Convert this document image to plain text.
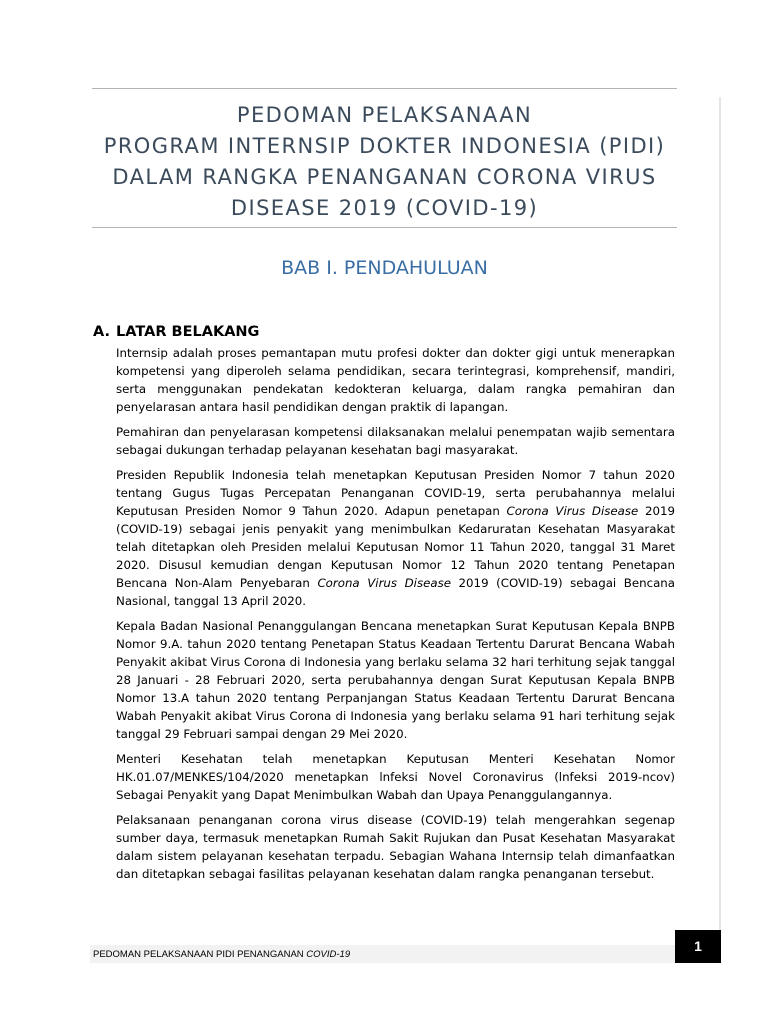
PEDOMAN PELAKSANAAN
PROGRAM INTERNSIP DOKTER INDONESIA (PIDI)
DALAM RANGKA PENANGANAN CORONA VIRUS
DISEASE 2019 (COVID-19)
BAB I. PENDAHULUAN
A. LATAR BELAKANG

Internsip adalah proses pemantapan mutu profesi dokter dan dokter gigi untuk menerapkan kompetensi yang diperoleh selama pendidikan, secara terintegrasi, komprehensif, mandiri, serta menggunakan pendekatan kedokteran keluarga, dalam rangka pemahiran dan penyelarasan antara hasil pendidikan dengan praktik di lapangan.

Pemahiran dan penyelarasan kompetensi dilaksanakan melalui penempatan wajib sementara sebagai dukungan terhadap pelayanan kesehatan bagi masyarakat.

Presiden Republik Indonesia telah menetapkan Keputusan Presiden Nomor 7 tahun 2020 tentang Gugus Tugas Percepatan Penanganan COVID-19, serta perubahannya melalui Keputusan Presiden Nomor 9 Tahun 2020. Adapun penetapan Corona Virus Disease 2019 (COVID-19) sebagai jenis penyakit yang menimbulkan Kedaruratan Kesehatan Masyarakat telah ditetapkan oleh Presiden melalui Keputusan Nomor 11 Tahun 2020, tanggal 31 Maret 2020. Disusul kemudian dengan Keputusan Nomor 12 Tahun 2020 tentang Penetapan Bencana Non-Alam Penyebaran Corona Virus Disease 2019 (COVID-19) sebagai Bencana Nasional, tanggal 13 April 2020.

Kepala Badan Nasional Penanggulangan Bencana menetapkan Surat Keputusan Kepala BNPB Nomor 9.A. tahun 2020 tentang Penetapan Status Keadaan Tertentu Darurat Bencana Wabah Penyakit akibat Virus Corona di Indonesia yang berlaku selama 32 hari terhitung sejak tanggal 28 Januari - 28 Februari 2020, serta perubahannya dengan Surat Keputusan Kepala BNPB Nomor 13.A tahun 2020 tentang Perpanjangan Status Keadaan Tertentu Darurat Bencana Wabah Penyakit akibat Virus Corona di Indonesia yang berlaku selama 91 hari terhitung sejak tanggal 29 Februari sampai dengan 29 Mei 2020.

Menteri Kesehatan telah menetapkan Keputusan Menteri Kesehatan Nomor HK.01.07/MENKES/104/2020 menetapkan lnfeksi Novel Coronavirus (lnfeksi 2019-ncov) Sebagai Penyakit yang Dapat Menimbulkan Wabah dan Upaya Penanggulangannya.

Pelaksanaan penanganan corona virus disease (COVID-19) telah mengerahkan segenap sumber daya, termasuk menetapkan Rumah Sakit Rujukan dan Pusat Kesehatan Masyarakat dalam sistem pelayanan kesehatan terpadu. Sebagian Wahana Internsip telah dimanfaatkan dan ditetapkan sebagai fasilitas pelayanan kesehatan dalam rangka penanganan tersebut.

PEDOMAN PELAKSANAAN PIDI PENANGANAN COVID-19
1
